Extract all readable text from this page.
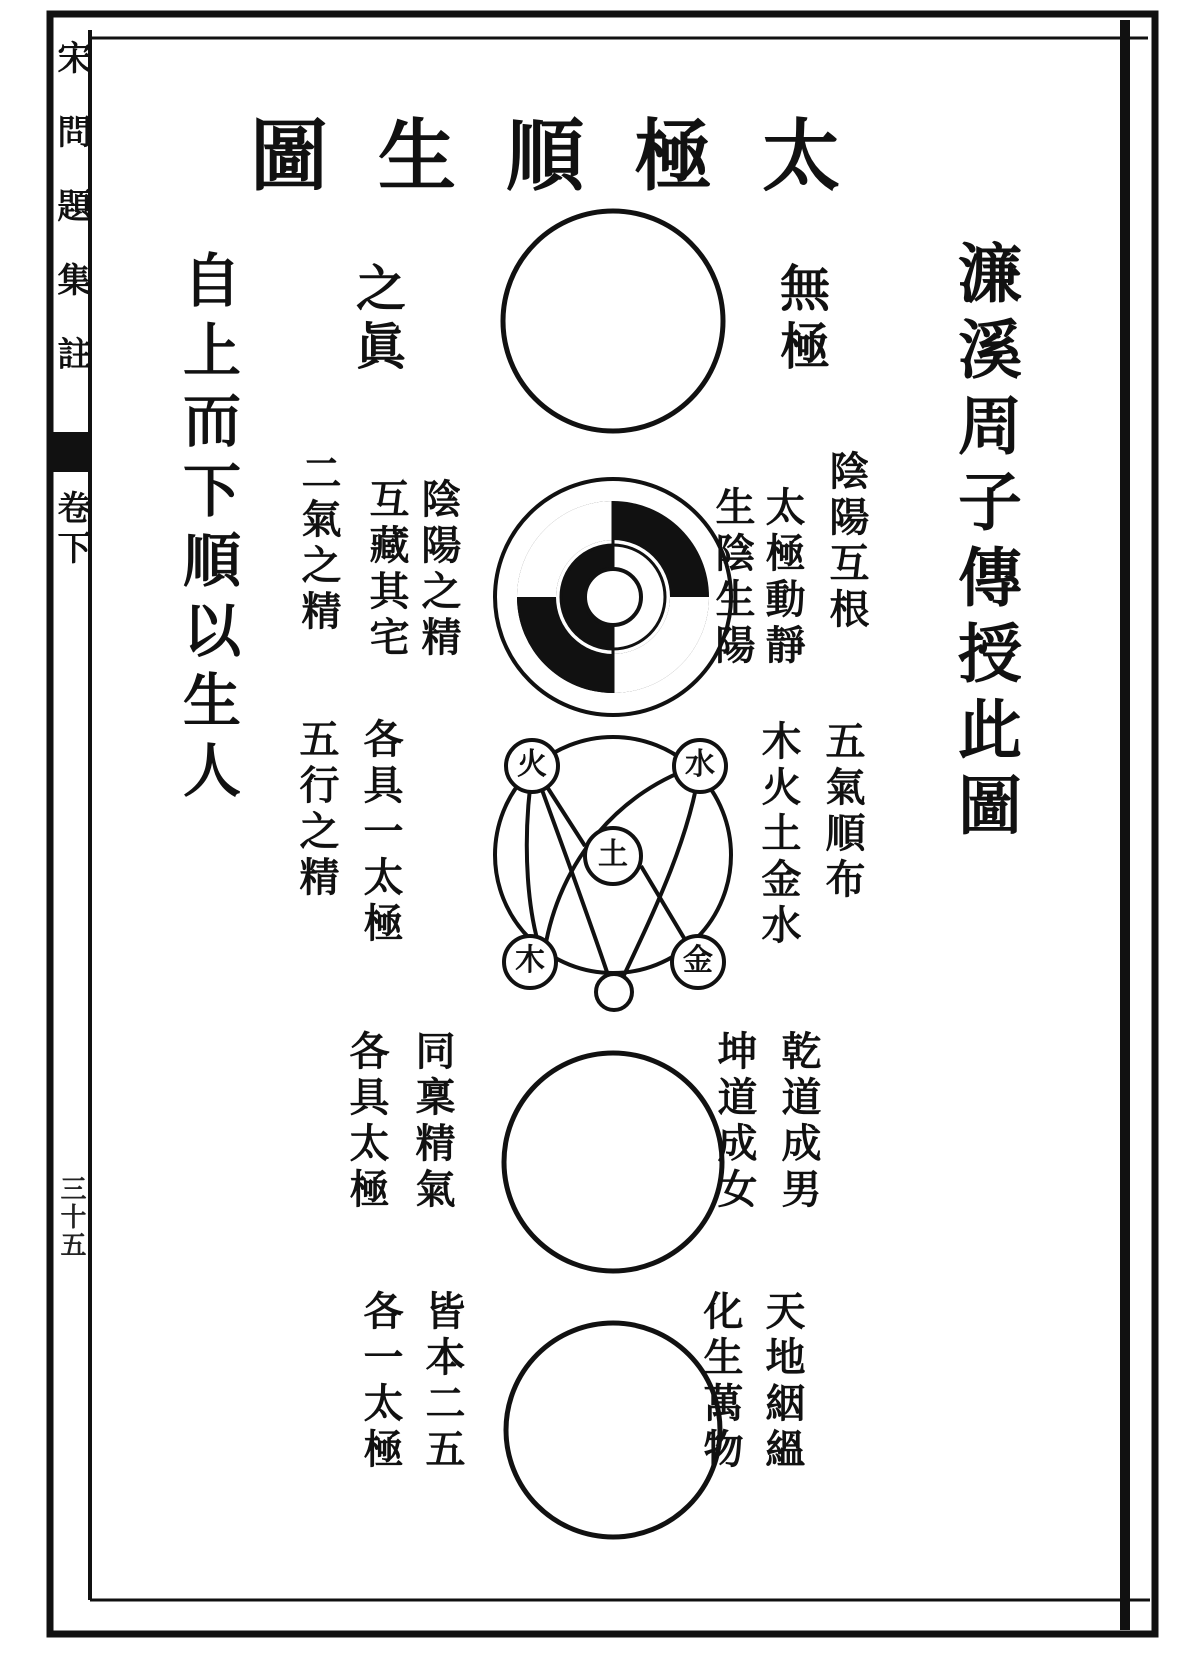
火	水
土
木	金
宋問題集註
卷下
三十五
太極順生圖
濂溪周子傳授此圖
自上而下順以生人	無極
之眞
陰陽互根
太極動靜
生陰生陽
陰陽之精
互藏其宅
二氣之精
五氣順布
木火土金水
各具一太極
五行之精
乾道成男
坤道成女
同稟精氣
各具太極
天地絪縕
化生萬物
皆本二五
各一太極
